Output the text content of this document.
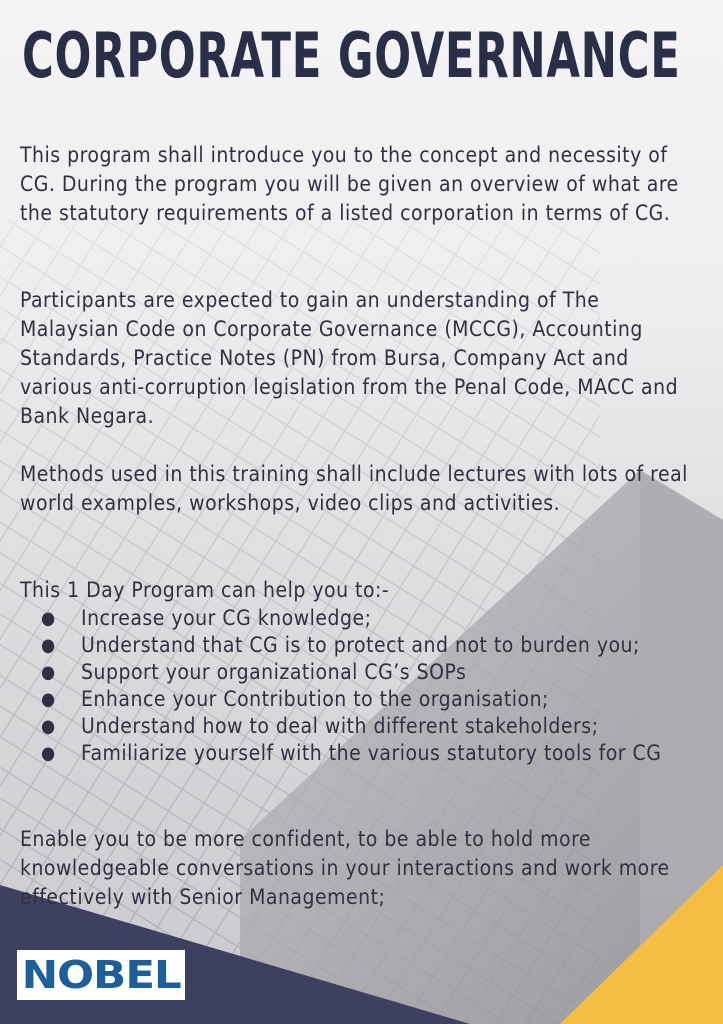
CORPORATE GOVERNANCE

This program shall introduce you to the concept and necessity of CG. During the program you will be given an overview of what are the statutory requirements of a listed corporation in terms of CG.

Participants are expected to gain an understanding of The Malaysian Code on Corporate Governance (MCCG), Accounting Standards, Practice Notes (PN) from Bursa, Company Act and various anti-corruption legislation from the Penal Code, MACC and Bank Negara.

Methods used in this training shall include lectures with lots of real world examples, workshops, video clips and activities.

This 1 Day Program can help you to:-

● Increase your CG knowledge;
● Understand that CG is to protect and not to burden you;
● Support your organizational CG’s SOPs
● Enhance your Contribution to the organisation;
● Understand how to deal with different stakeholders;
● Familiarize yourself with the various statutory tools for CG

Enable you to be more confident, to be able to hold more knowledgeable conversations in your interactions and work more effectively with Senior Management;

NOBEL
